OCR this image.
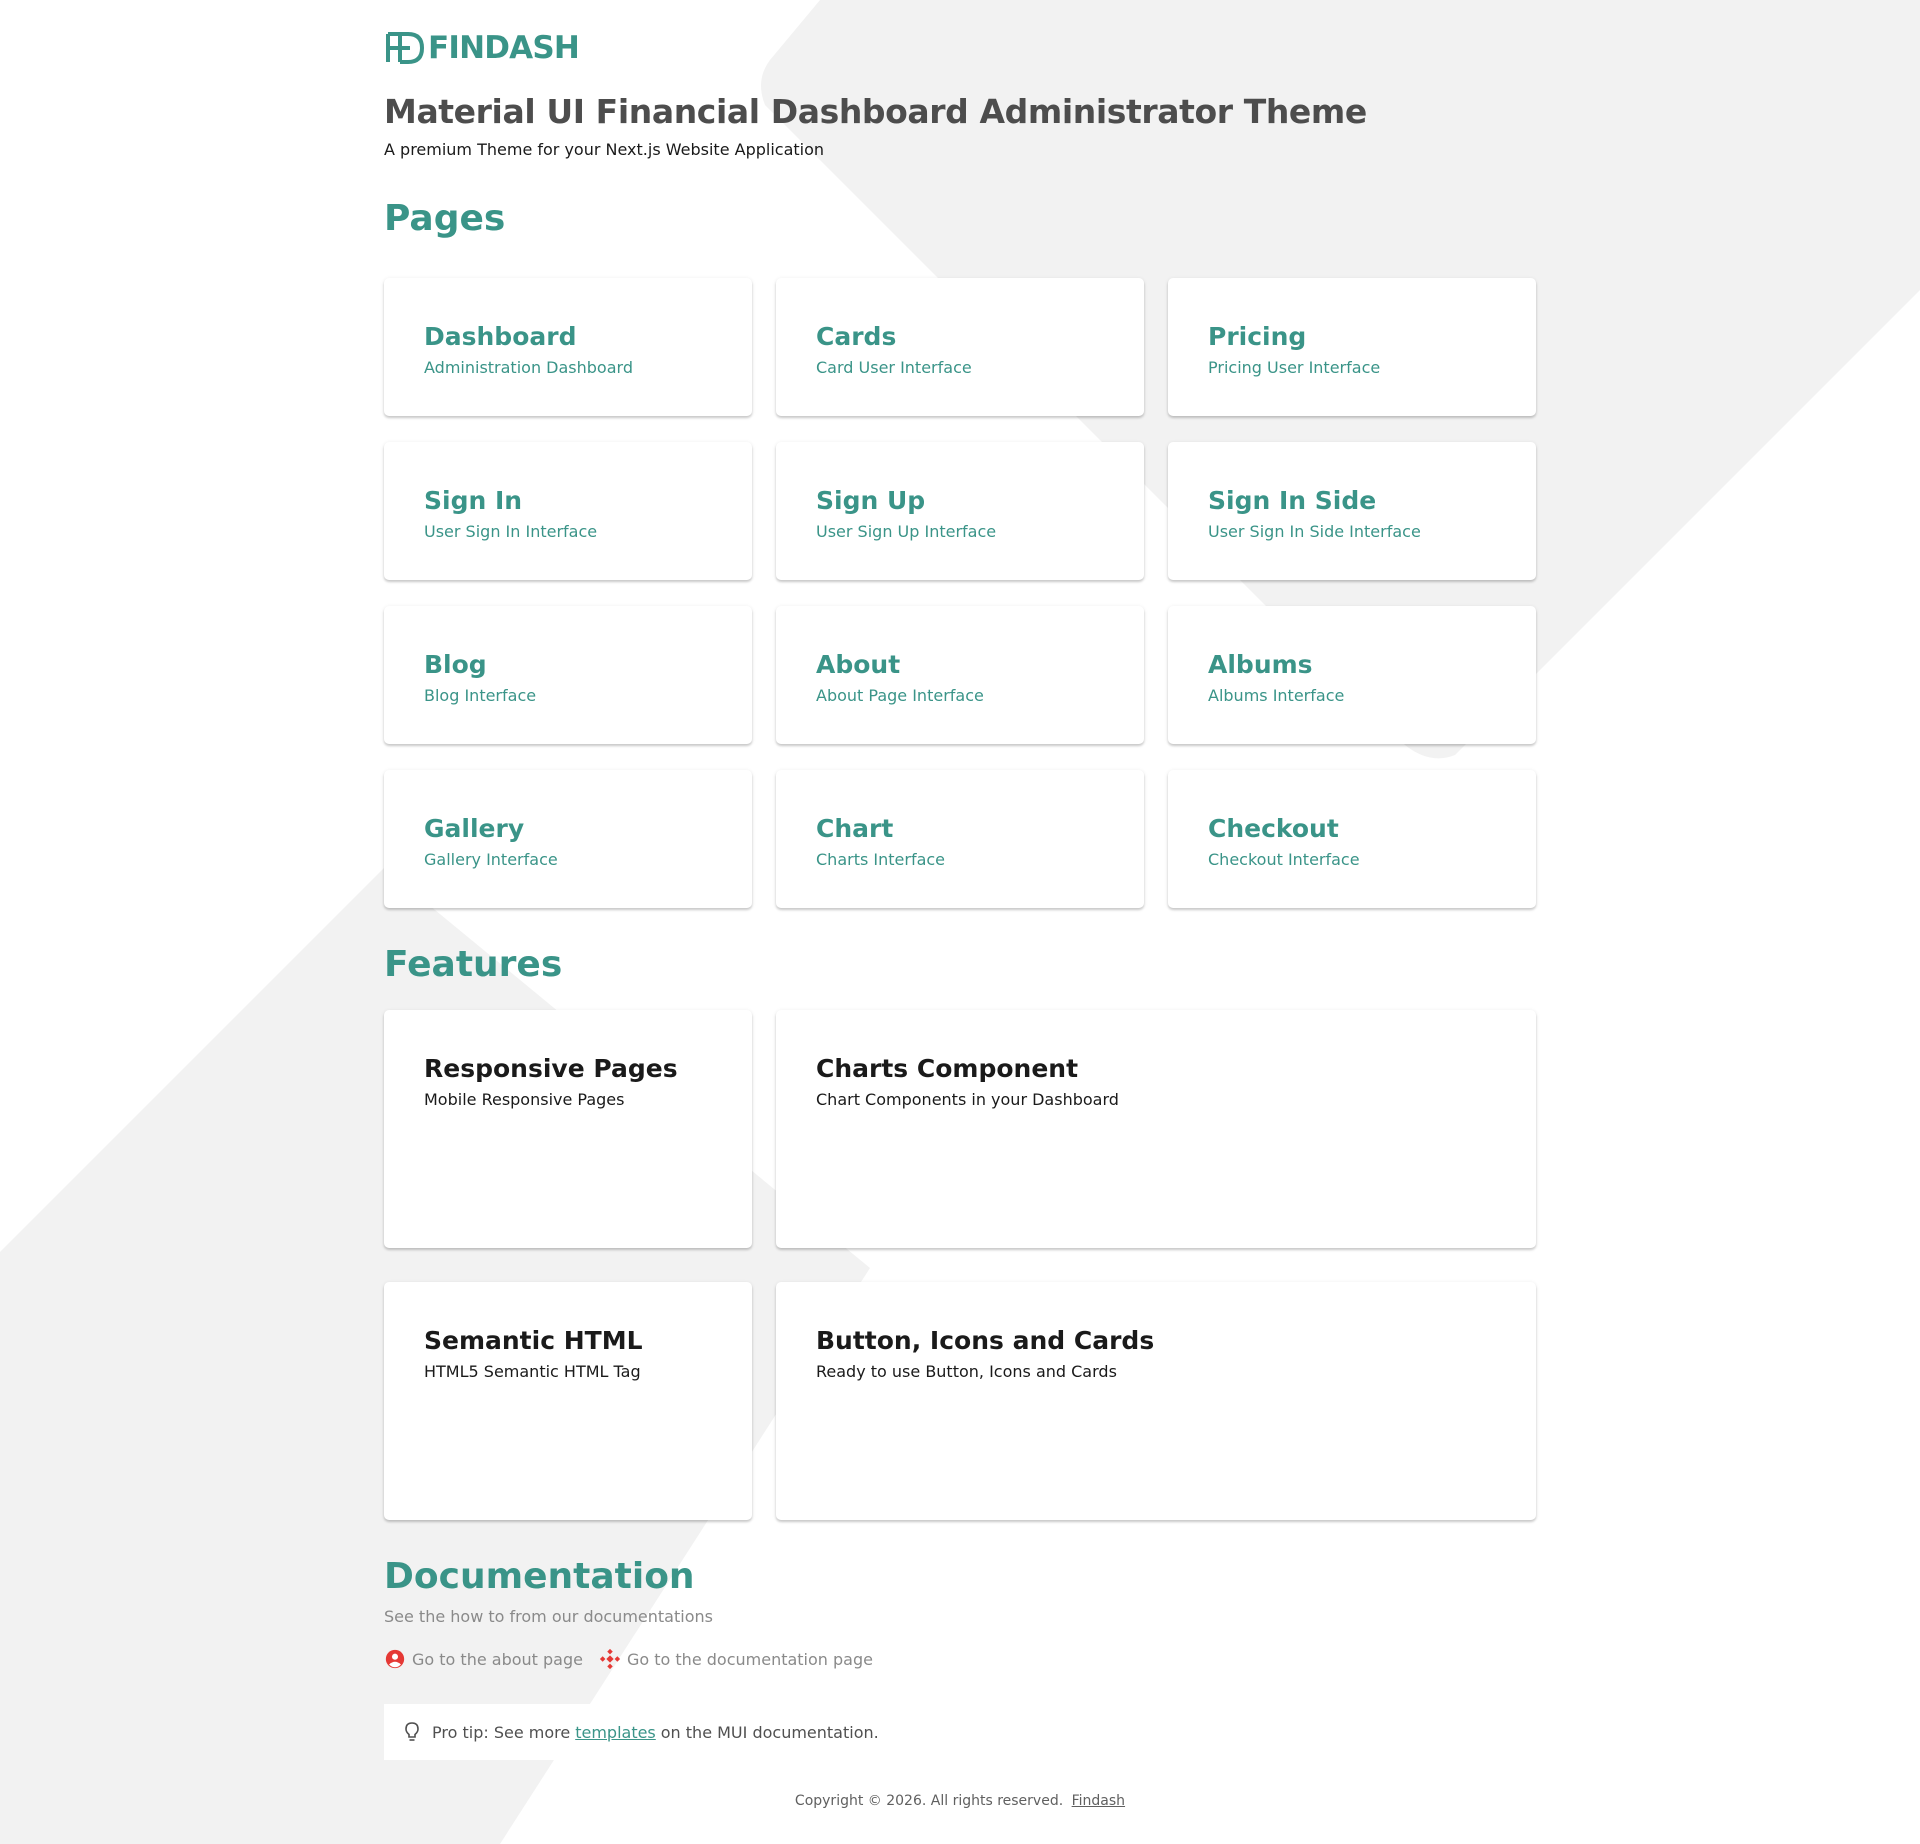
FINDASH
Material UI Financial Dashboard Administrator Theme

A premium Theme for your Next.js Website Application

Pages
Dashboard
Administration Dashboard
Cards
Card User Interface
Pricing
Pricing User Interface
Sign In
User Sign In Interface
Sign Up
User Sign Up Interface
Sign In Side
User Sign In Side Interface
Blog
Blog Interface
About
About Page Interface
Albums
Albums Interface
Gallery
Gallery Interface
Chart
Charts Interface
Checkout
Checkout Interface
Features
Responsive Pages
Mobile Responsive Pages
Charts Component
Chart Components in your Dashboard
Semantic HTML
HTML5 Semantic HTML Tag
Button, Icons and Cards
Ready to use Button, Icons and Cards
Documentation

See the how to from our documentations

Go to the about page	Go to the documentation page
Pro tip: See more templates on the MUI documentation.
Copyright © 2026. All rights reserved. Findash
